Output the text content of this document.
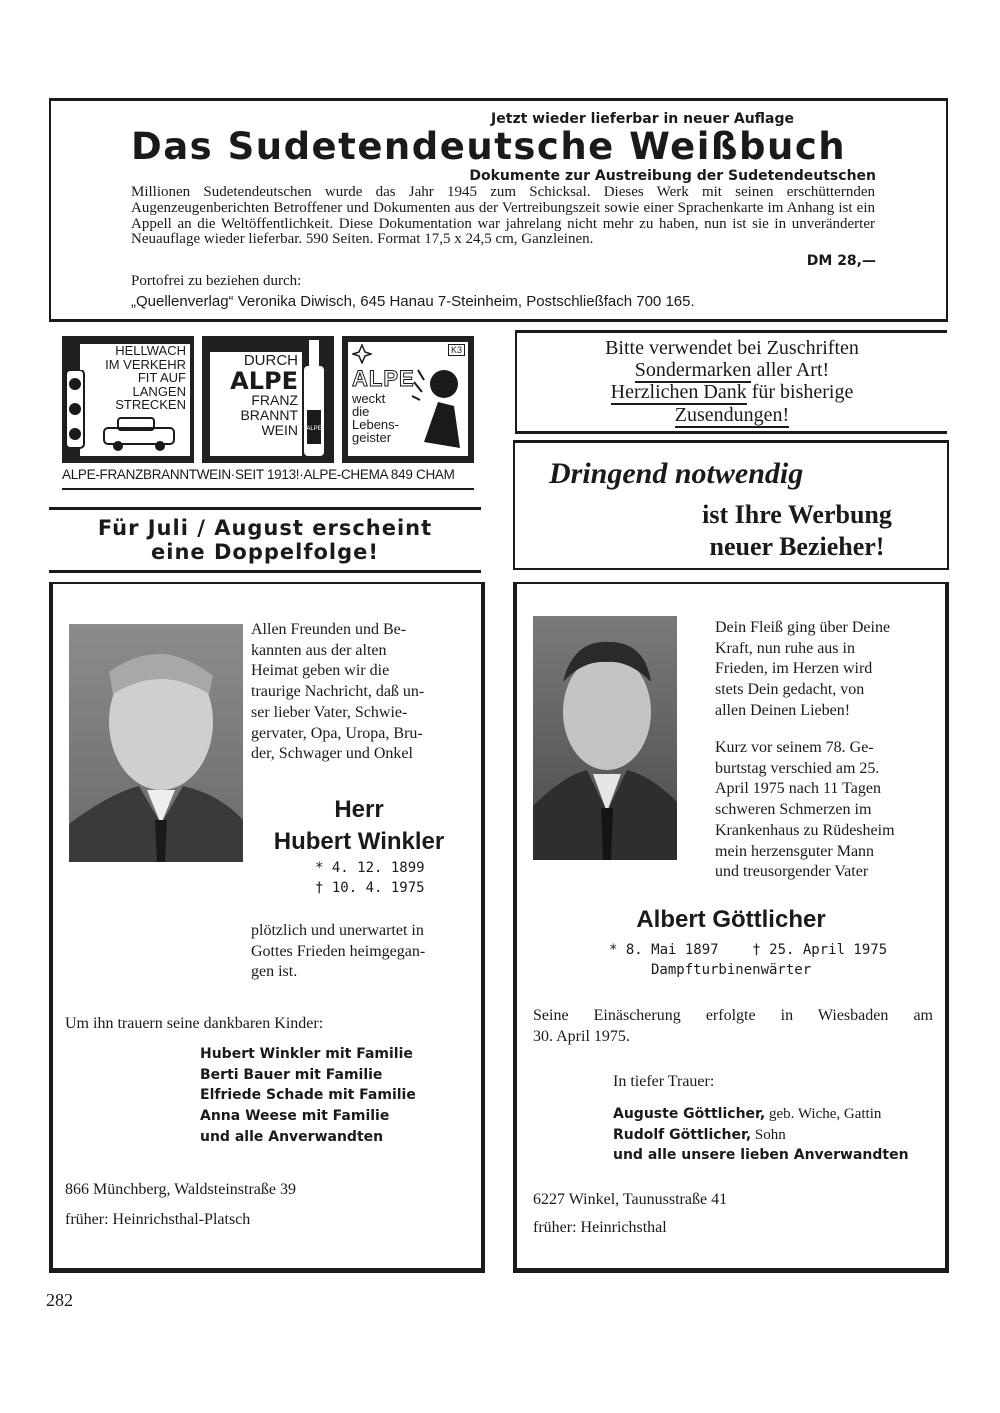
Jetzt wieder lieferbar in neuer Auflage
Das Sudetendeutsche Weißbuch
Dokumente zur Austreibung der Sudetendeutschen
Millionen Sudetendeutschen wurde das Jahr 1945 zum Schicksal. Dieses Werk mit seinen erschütternden Augenzeugenberichten Betroffener und Dokumenten aus der Vertreibungszeit sowie einer Sprachenkarte im Anhang ist ein Appell an die Weltöffentlichkeit. Diese Dokumentation war jahrelang nicht mehr zu haben, nun ist sie in unveränderter Neuauflage wieder lieferbar. 590 Seiten. Format 17,5 x 24,5 cm, Ganzleinen.
DM 28,—
Portofrei zu beziehen durch:
„Quellenverlag“ Veronika Diwisch, 645 Hanau 7-Steinheim, Postschließfach 700 165.
HELLWACH
IM VERKEHR
FIT AUF
LANGEN
STRECKEN
DURCH
ALPE
FRANZ
BRANNT
WEIN	ALPE
K3
ALPE
weckt
die
Lebens-
geister
ALPE-FRANZBRANNTWEIN·SEIT 1913!·ALPE-CHEMA 849 CHAM
Für Juli / August erscheint
eine Doppelfolge!
Bitte verwendet bei Zuschriften
Sondermarken aller Art!
Herzlichen Dank für bisherige
Zusendungen!
Dringend notwendig
ist Ihre Werbung
neuer Bezieher!
Allen Freunden und Be-
kannten aus der alten
Heimat geben wir die
traurige Nachricht, daß un-
ser lieber Vater, Schwie-
gervater, Opa, Uropa, Bru-
der, Schwager und Onkel
Herr
Hubert Winkler
* 4. 12. 1899
† 10. 4. 1975
plötzlich und unerwartet in
Gottes Frieden heimgegan-
gen ist.
Um ihn trauern seine dankbaren Kinder:
Hubert Winkler mit Familie
Berti Bauer mit Familie
Elfriede Schade mit Familie
Anna Weese mit Familie
und alle Anverwandten
866 Münchberg, Waldsteinstraße 39
früher: Heinrichsthal-Platsch
Dein Fleiß ging über Deine
Kraft, nun ruhe aus in
Frieden, im Herzen wird
stets Dein gedacht, von
allen Deinen Lieben!
Kurz vor seinem 78. Ge-
burtstag verschied am 25.
April 1975 nach 11 Tagen
schweren Schmerzen im
Krankenhaus zu Rüdesheim
mein herzensguter Mann
und treusorgender Vater
Albert Göttlicher
* 8. Mai 1897    † 25. April 1975
Dampfturbinenwärter
Seine Einäscherung erfolgte in Wiesbaden am
30. April 1975.
In tiefer Trauer:
Auguste Göttlicher, geb. Wiche, Gattin
Rudolf Göttlicher, Sohn
und alle unsere lieben Anverwandten
6227 Winkel, Taunusstraße 41
früher: Heinrichsthal
282
